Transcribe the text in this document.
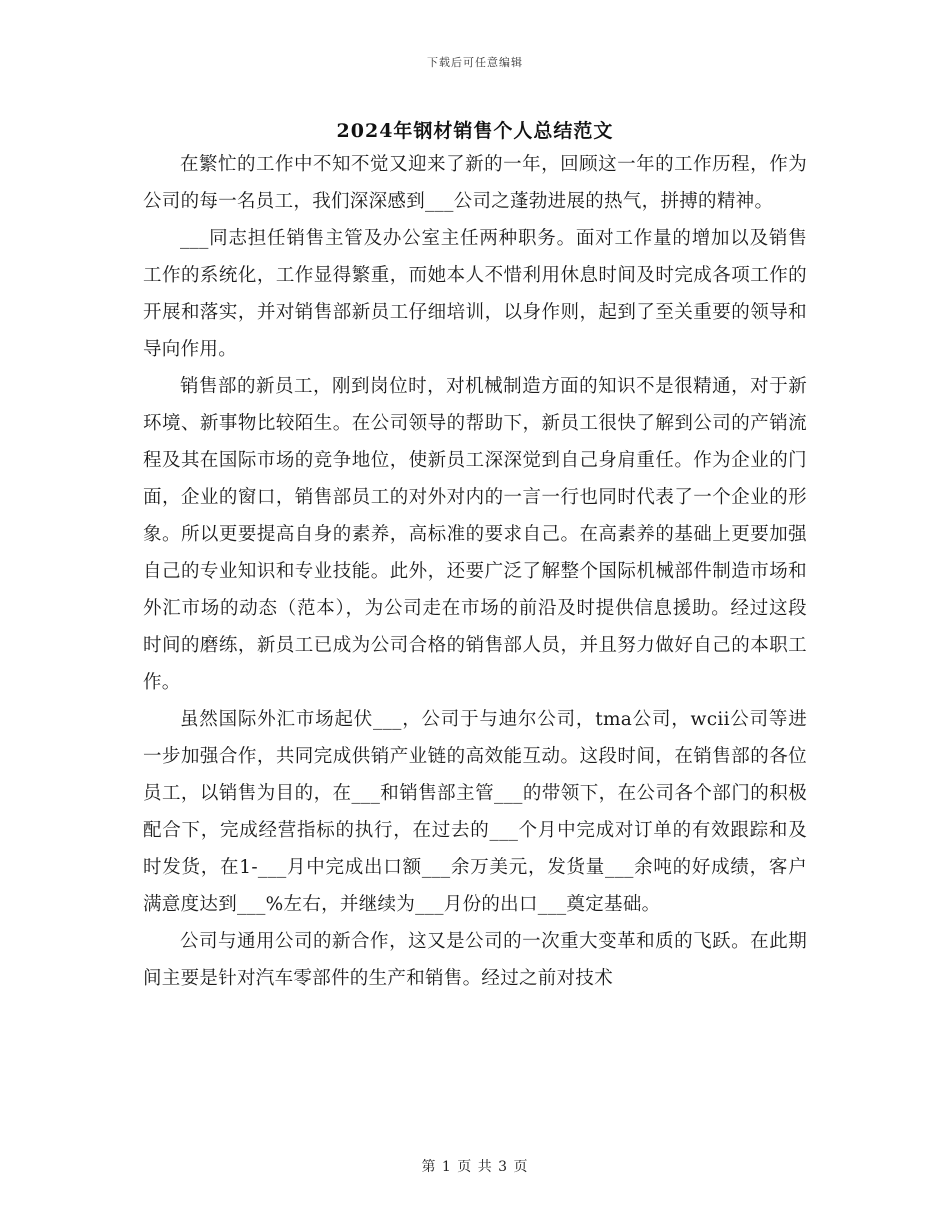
下载后可任意编辑
2024年钢材销售个人总结范文

在繁忙的工作中不知不觉又迎来了新的一年，回顾这一年的工作历程，作为公司的每一名员工，我们深深感到___公司之蓬勃进展的热气，拼搏的精神。

___同志担任销售主管及办公室主任两种职务。面对工作量的增加以及销售工作的系统化，工作显得繁重，而她本人不惜利用休息时间及时完成各项工作的开展和落实，并对销售部新员工仔细培训，以身作则，起到了至关重要的领导和导向作用。

销售部的新员工，刚到岗位时，对机械制造方面的知识不是很精通，对于新环境、新事物比较陌生。在公司领导的帮助下，新员工很快了解到公司的产销流程及其在国际市场的竞争地位，使新员工深深觉到自己身肩重任。作为企业的门面，企业的窗口，销售部员工的对外对内的一言一行也同时代表了一个企业的形象。所以更要提高自身的素养，高标准的要求自己。在高素养的基础上更要加强自己的专业知识和专业技能。此外，还要广泛了解整个国际机械部件制造市场和外汇市场的动态（范本），为公司走在市场的前沿及时提供信息援助。经过这段时间的磨练，新员工已成为公司合格的销售部人员，并且努力做好自己的本职工作。

虽然国际外汇市场起伏___，公司于与迪尔公司，tma公司，wcii公司等进一步加强合作，共同完成供销产业链的高效能互动。这段时间，在销售部的各位员工，以销售为目的，在___和销售部主管___的带领下，在公司各个部门的积极配合下，完成经营指标的执行，在过去的___个月中完成对订单的有效跟踪和及时发货，在1-___月中完成出口额___余万美元，发货量___余吨的好成绩，客户满意度达到___%左右，并继续为___月份的出口___奠定基础。

公司与通用公司的新合作，这又是公司的一次重大变革和质的飞跃。在此期间主要是针对汽车零部件的生产和销售。经过之前对技术

第 1 页 共 3 页
